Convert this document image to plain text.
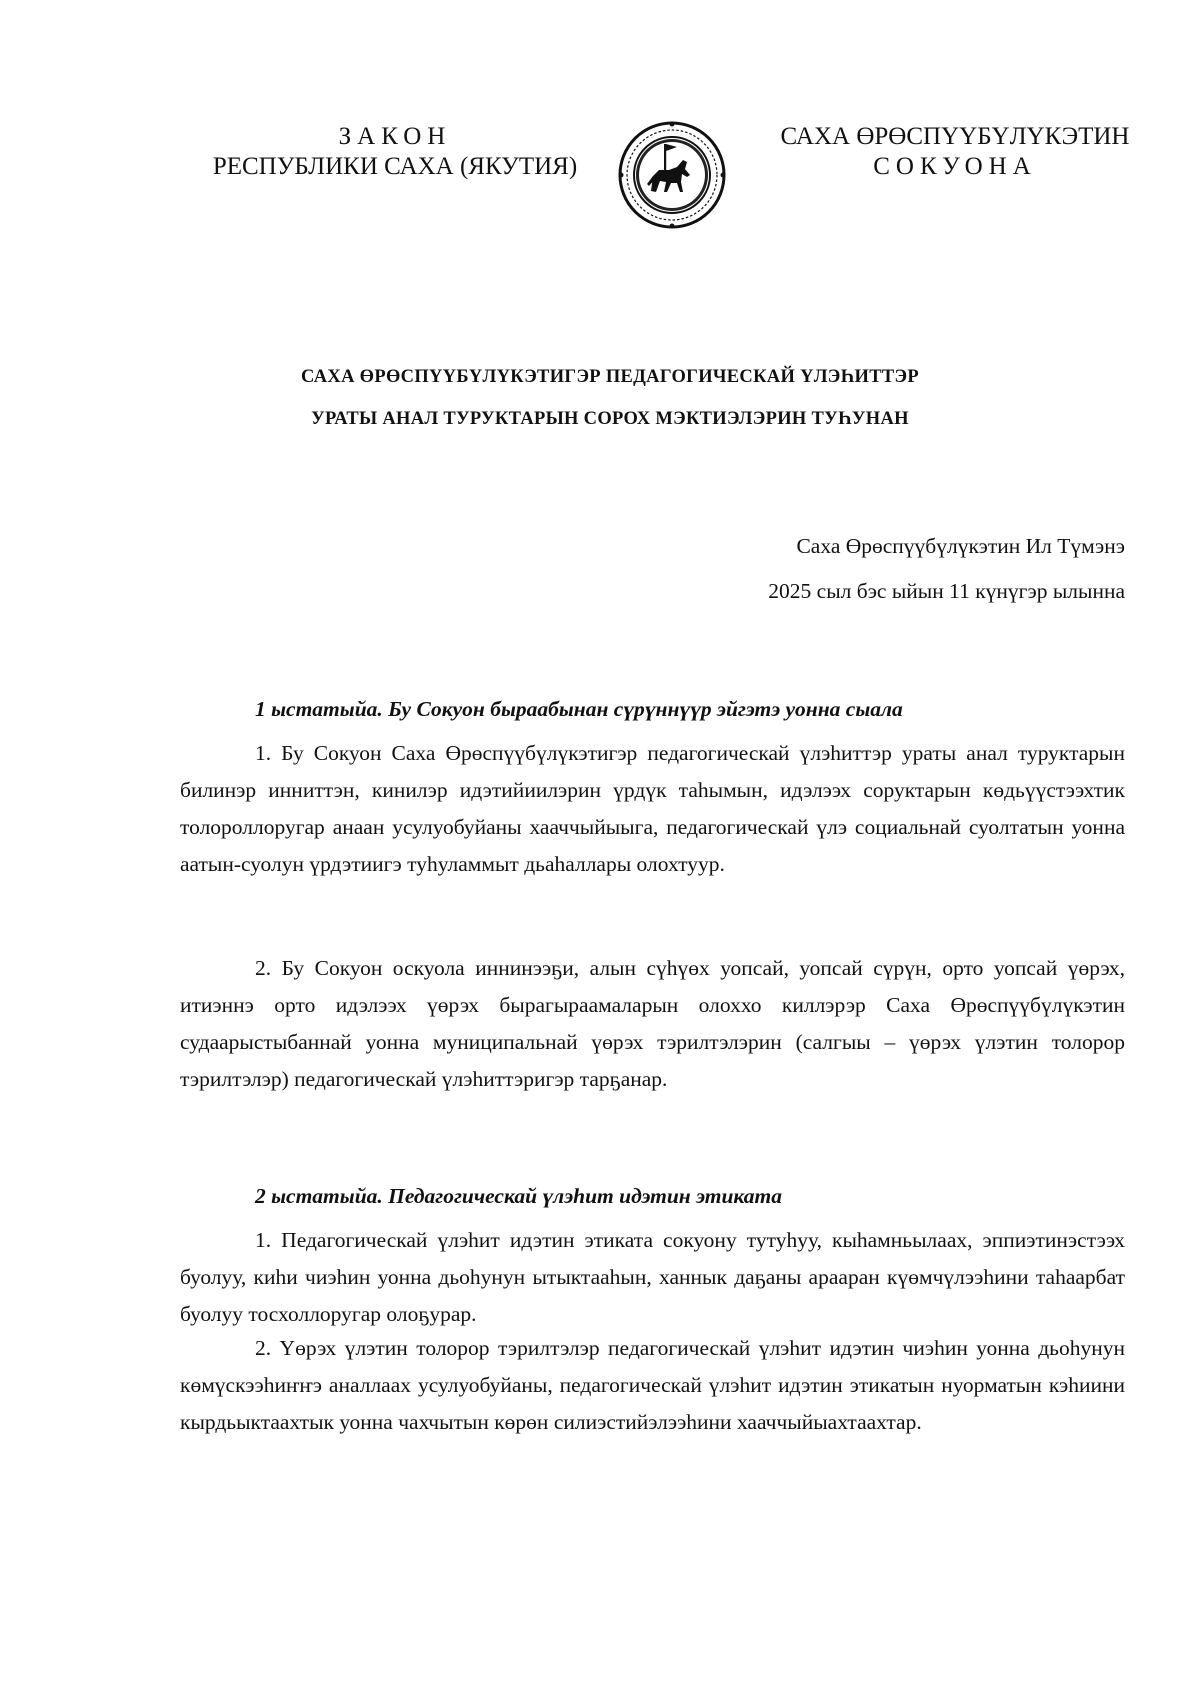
ЗАКОН
РЕСПУБЛИКИ САХА (ЯКУТИЯ)
САХА ӨРӨСПҮҮБҮЛҮКЭТИН
СОКУОНА
САХА ӨРӨСПҮҮБҮЛҮКЭТИГЭР ПЕДАГОГИЧЕСКАЙ ҮЛЭҺИТТЭР
УРАТЫ АНАЛ ТУРУКТАРЫН СОРОХ МЭКТИЭЛЭРИН ТУҺУНАН
Саха Өрөспүүбүлүкэтин Ил Түмэнэ
2025 сыл бэс ыйын 11 күнүгэр ылынна
1 ыстатыйа. Бу Сокуон быраабынан сүрүннүүр эйгэтэ уонна сыала
1. Бу Сокуон Саха Өрөспүүбүлүкэтигэр педагогическай үлэһиттэр ураты анал туруктарын билинэр инниттэн, кинилэр идэтийиилэрин үрдүк таһымын, идэлээх соруктарын көдьүүстээхтик толороллоругар анаан усулуобуйаны хааччыйыыга, педагогическай үлэ социальнай суолтатын уонна аатын-суолун үрдэтиигэ туһуламмыт дьаһаллары олохтуур.
2. Бу Сокуон оскуола иннинээҕи, алын сүһүөх уопсай, уопсай сүрүн, орто уопсай үөрэх, итиэннэ орто идэлээх үөрэх бырагыраамаларын олоххо киллэрэр Саха Өрөспүүбүлүкэтин судаарыстыбаннай уонна муниципальнай үөрэх тэрилтэлэрин (салгыы – үөрэх үлэтин толорор тэрилтэлэр) педагогическай үлэһиттэригэр тарҕанар.
2 ыстатыйа. Педагогическай үлэһит идэтин этиката
1. Педагогическай үлэһит идэтин этиката сокуону тутуһуу, кыһамньылаах, эппиэтинэстээх буолуу, киһи чиэһин уонна дьоһунун ытыктааһын, ханнык даҕаны арааран күөмчүлээһини таһаарбат буолуу тосхоллоругар олоҕурар.
2. Үөрэх үлэтин толорор тэрилтэлэр педагогическай үлэһит идэтин чиэһин уонна дьоһунун көмүскээһиҥҥэ аналлаах усулуобуйаны, педагогическай үлэһит идэтин этикатын нуорматын кэһиини кырдьыктаахтык уонна чахчытын көрөн силиэстийэлээһини хааччыйыахтаахтар.
